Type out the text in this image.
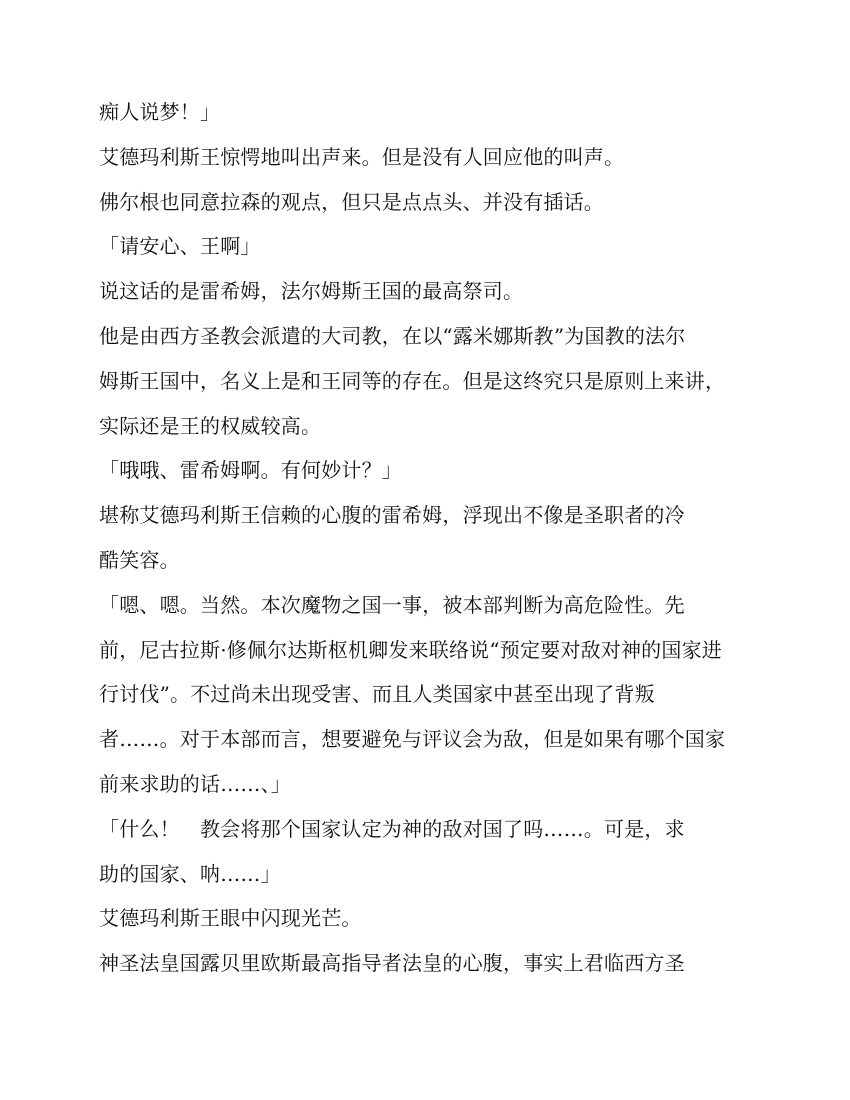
痴人说梦！」
艾德玛利斯王惊愕地叫出声来。但是没有人回应他的叫声。
佛尔根也同意拉森的观点，但只是点点头、并没有插话。
「请安心、王啊」
说这话的是雷希姆，法尔姆斯王国的最高祭司。
他是由西方圣教会派遣的大司教，在以“露米娜斯教”为国教的法尔
姆斯王国中，名义上是和王同等的存在。但是这终究只是原则上来讲，
实际还是王的权威较高。
「哦哦、雷希姆啊。有何妙计？」
堪称艾德玛利斯王信赖的心腹的雷希姆，浮现出不像是圣职者的冷
酷笑容。
「嗯、嗯。当然。本次魔物之国一事，被本部判断为高危险性。先
前，尼古拉斯·修佩尔达斯枢机卿发来联络说“预定要对敌对神的国家进
行讨伐”。不过尚未出现受害、而且人类国家中甚至出现了背叛
者……。对于本部而言，想要避免与评议会为敌，但是如果有哪个国家
前来求助的话……、」
「什么！　教会将那个国家认定为神的敌对国了吗……。可是，求
助的国家、呐……」
艾德玛利斯王眼中闪现光芒。
神圣法皇国露贝里欧斯最高指导者法皇的心腹，事实上君临西方圣
